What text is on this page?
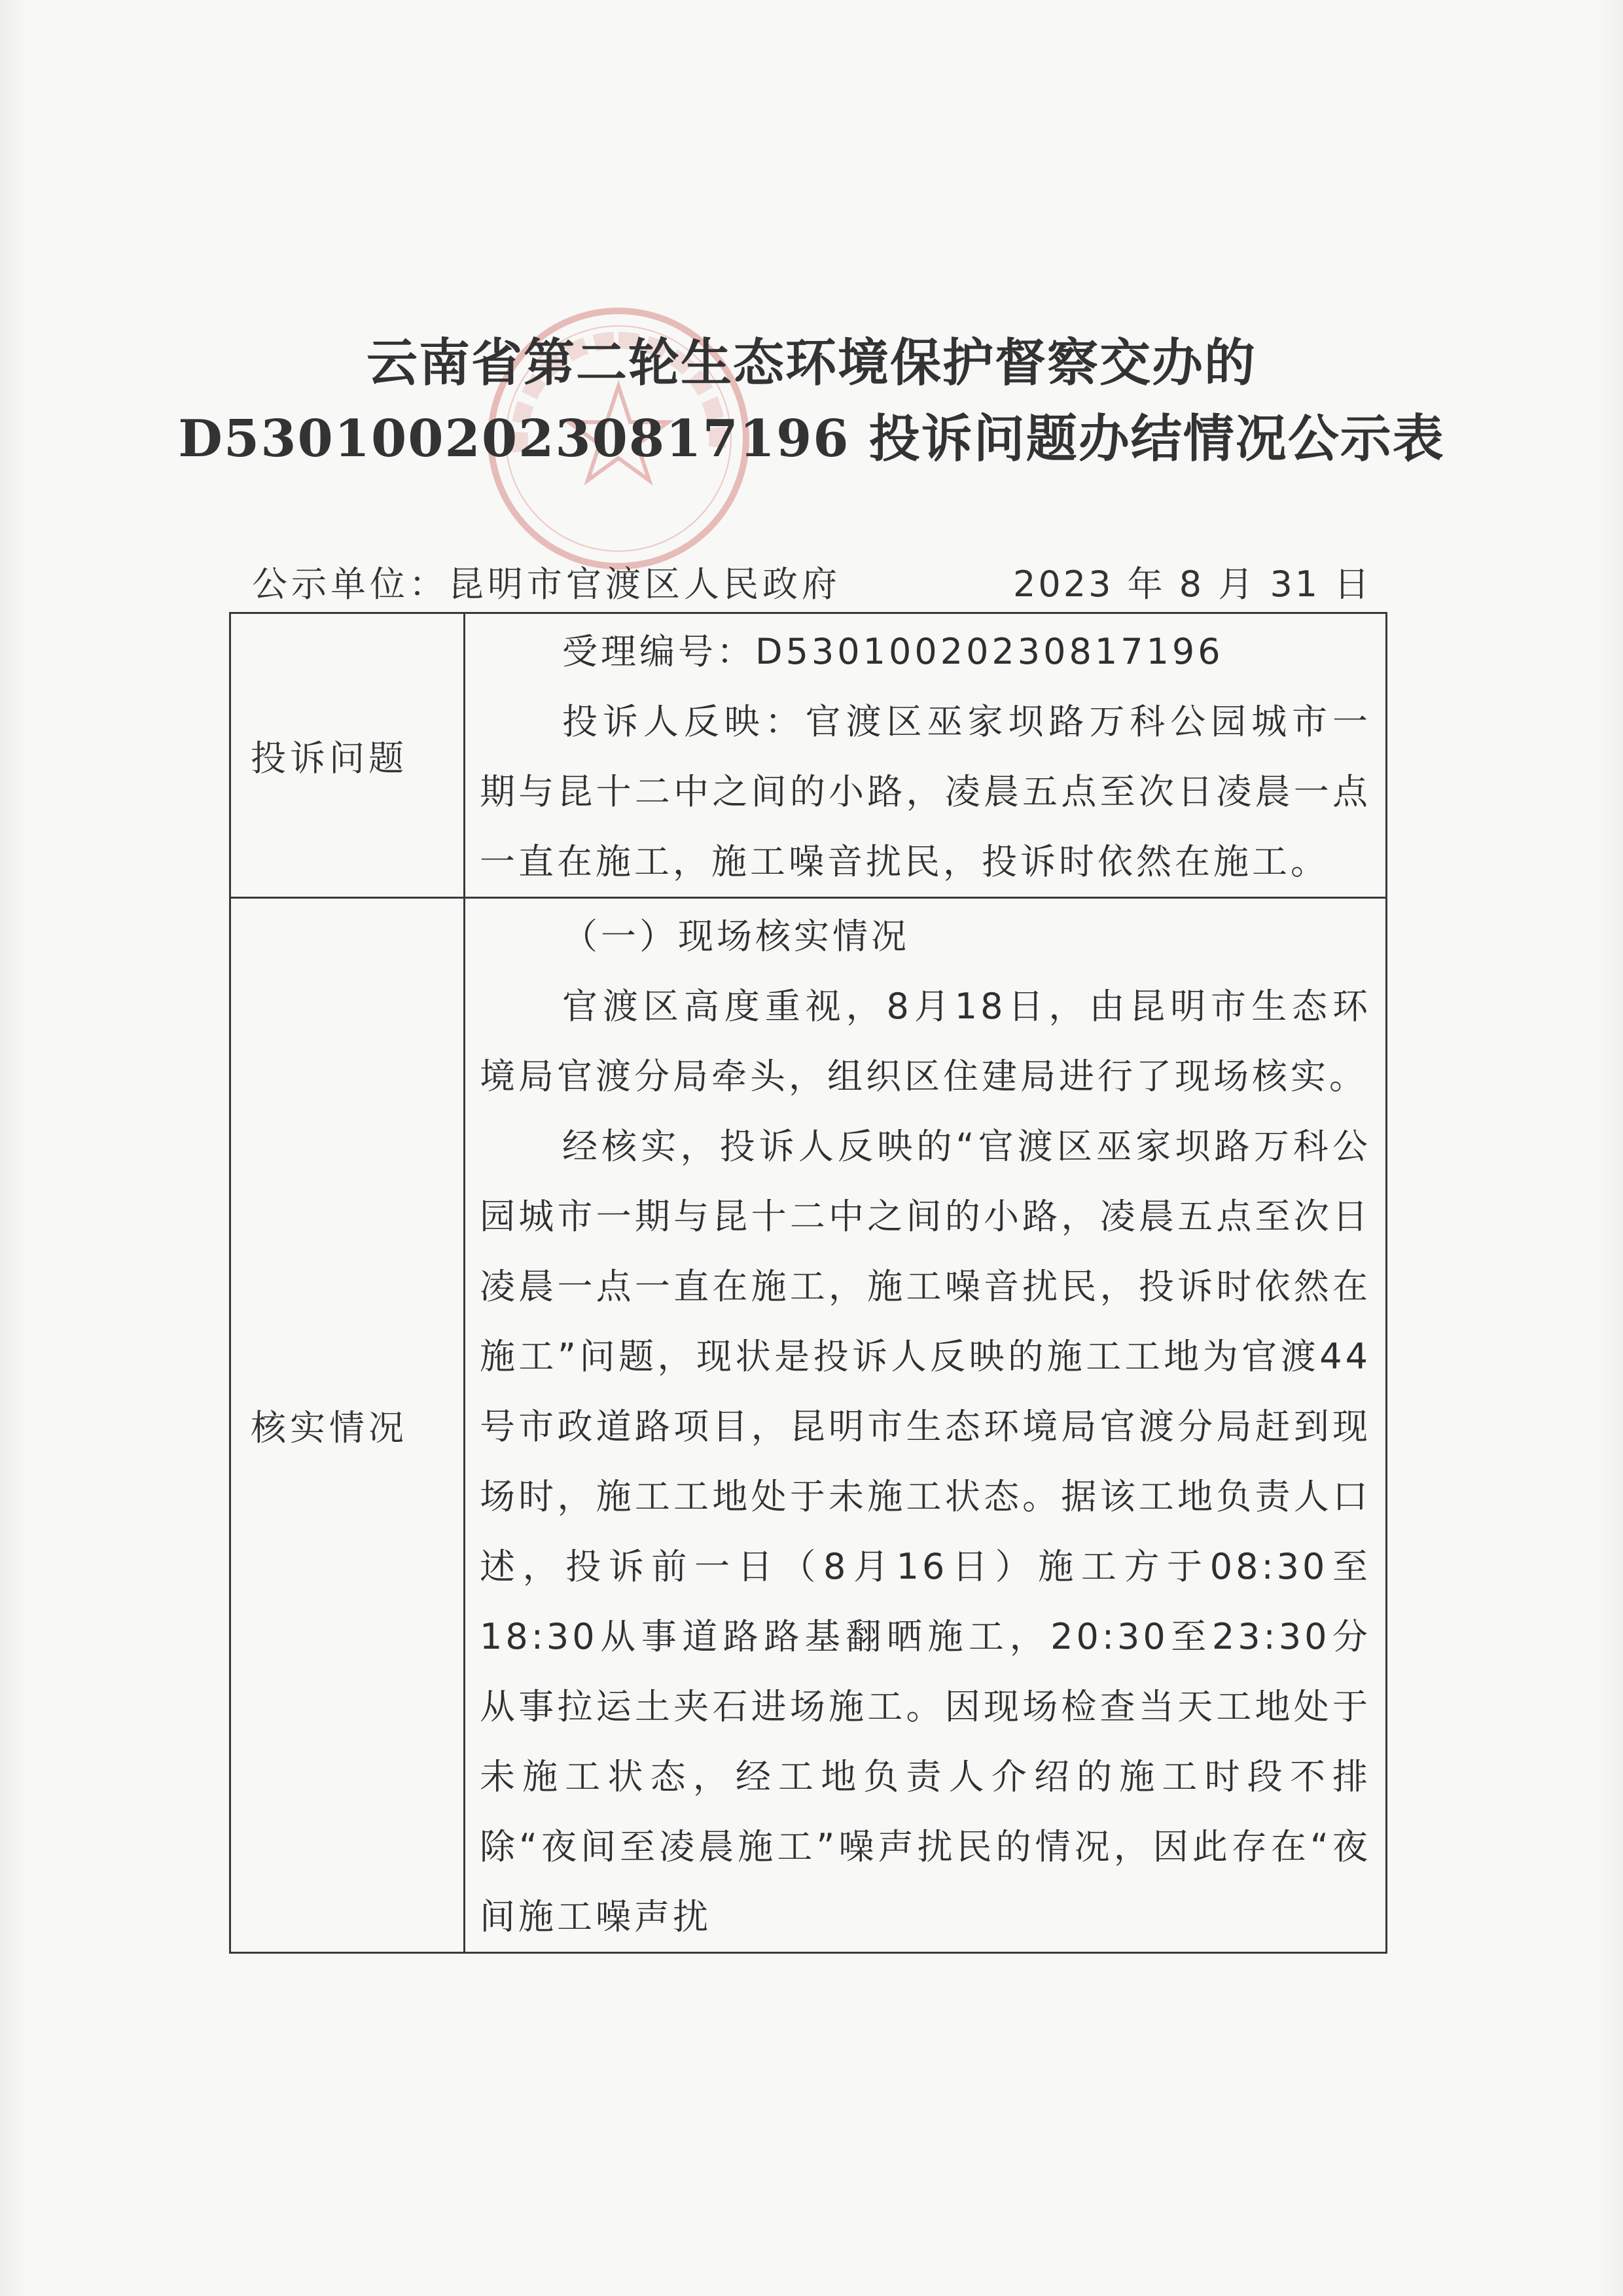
云南省第二轮生态环境保护督察交办的
D530100202308171​96 投诉问题办结情况公示表
公示单位：昆明市官渡区人民政府	2023 年 8 月 31 日
投诉问题	受理编号：D53010020230817196
投诉人反映：官渡区巫家坝路万科公园城市一期与昆十二中之间的小路，凌晨五点至次日凌晨一点一直在施工，施工噪音扰民，投诉时依然在施工。

核实情况	（一）现场核实情况
官渡区高度重视，8月18日，由昆明市生态环境局官渡分局牵头，组织区住建局进行了现场核实。
经核实，投诉人反映的“官渡区巫家坝路万科公园城市一期与昆十二中之间的小路，凌晨五点至次日凌晨一点一直在施工，施工噪音扰民，投诉时依然在施工”问题，现状是投诉人反映的施工工地为官渡44号市政道路项目，昆明市生态环境局官渡分局赶到现场时，施工工地处于未施工状态。据该工地负责人口述，投诉前一日（8月16日）施工方于08:30至18:30从事道路路基翻晒施工，20:30至23:30分从事拉运土夹石进场施工。因现场检查当天工地处于未施工状态，经工地负责人介绍的施工时段不排除“夜间至凌晨施工”噪声扰民的情况，因此存在“夜间施工噪声扰
